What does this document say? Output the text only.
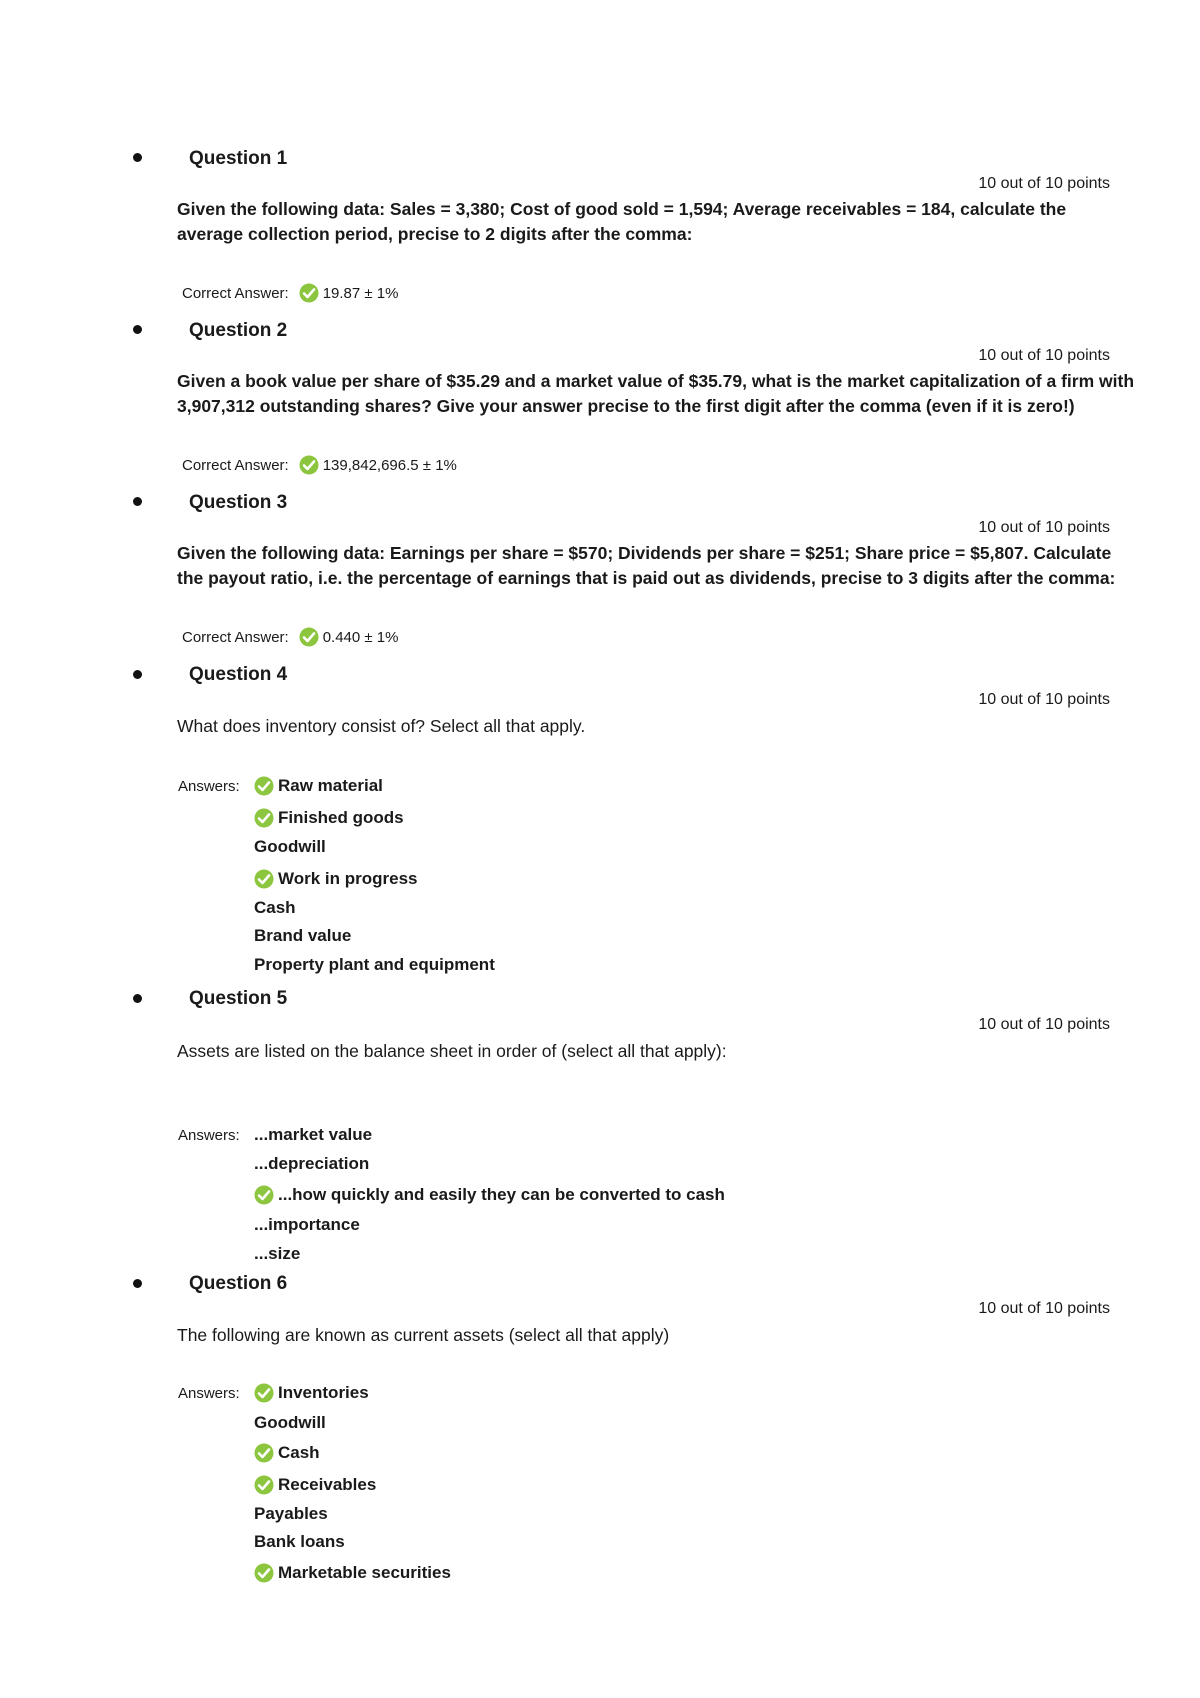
Question 1
10 out of 10 points
Given the following data: Sales = 3,380; Cost of good sold = 1,594; Average receivables = 184, calculate the average collection period, precise to 2 digits after the comma:
Correct Answer: 19.87 ± 1%
Question 2
10 out of 10 points
Given a book value per share of $35.29 and a market value of $35.79, what is the market capitalization of a firm with 3,907,312 outstanding shares? Give your answer precise to the first digit after the comma (even if it is zero!)
Correct Answer: 139,842,696.5 ± 1%
Question 3
10 out of 10 points
Given the following data: Earnings per share = $570; Dividends per share = $251; Share price = $5,807. Calculate the payout ratio, i.e. the percentage of earnings that is paid out as dividends, precise to 3 digits after the comma:
Correct Answer: 0.440 ± 1%
Question 4
10 out of 10 points
What does inventory consist of? Select all that apply.
Answers: Raw material
Finished goods
Goodwill
Work in progress
Cash
Brand value
Property plant and equipment
Question 5
10 out of 10 points
Assets are listed on the balance sheet in order of (select all that apply):
Answers: ...market value
...depreciation
...how quickly and easily they can be converted to cash
...importance
...size
Question 6
10 out of 10 points
The following are known as current assets (select all that apply)
Answers: Inventories
Goodwill
Cash
Receivables
Payables
Bank loans
Marketable securities
